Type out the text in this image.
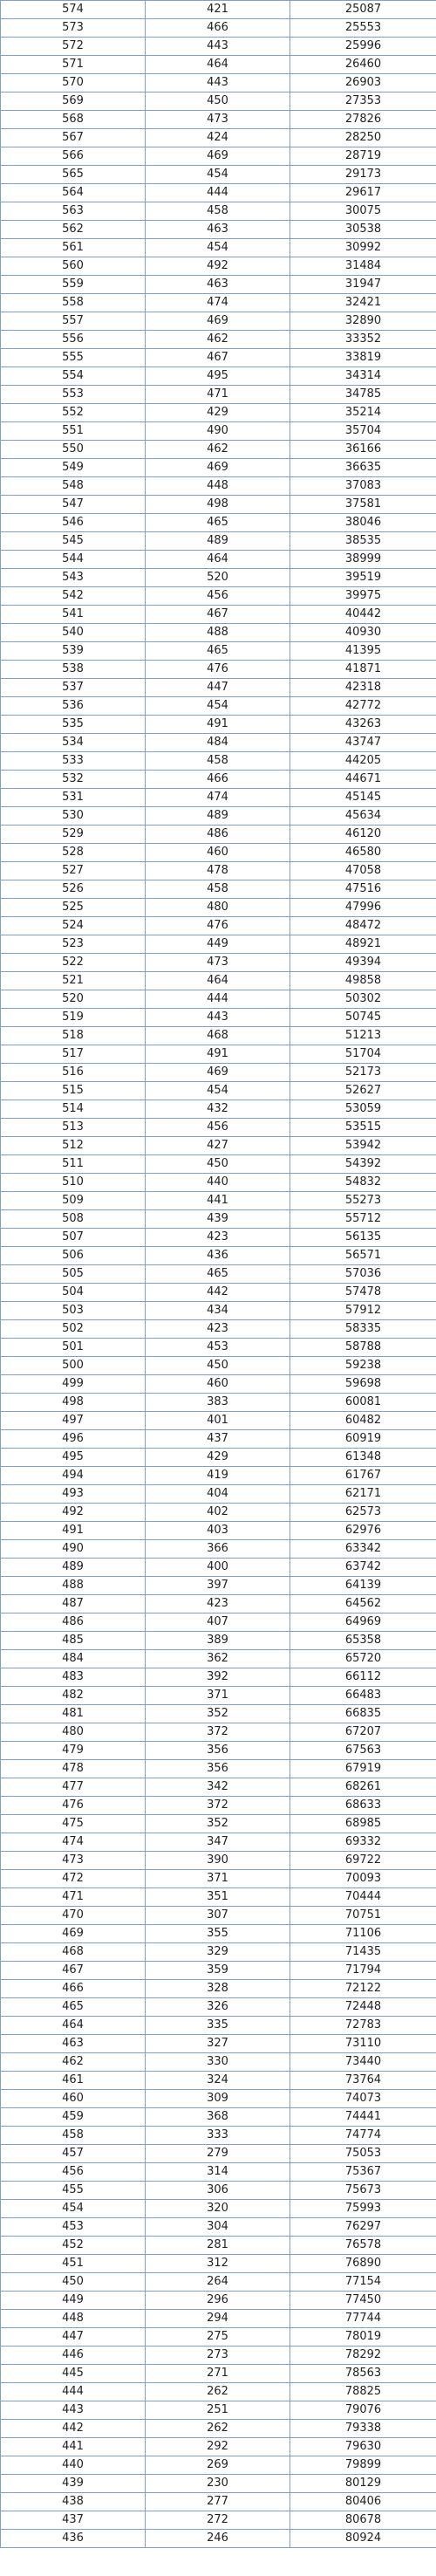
574	421	25087
573	466	25553
572	443	25996
571	464	26460
570	443	26903
569	450	27353
568	473	27826
567	424	28250
566	469	28719
565	454	29173
564	444	29617
563	458	30075
562	463	30538
561	454	30992
560	492	31484
559	463	31947
558	474	32421
557	469	32890
556	462	33352
555	467	33819
554	495	34314
553	471	34785
552	429	35214
551	490	35704
550	462	36166
549	469	36635
548	448	37083
547	498	37581
546	465	38046
545	489	38535
544	464	38999
543	520	39519
542	456	39975
541	467	40442
540	488	40930
539	465	41395
538	476	41871
537	447	42318
536	454	42772
535	491	43263
534	484	43747
533	458	44205
532	466	44671
531	474	45145
530	489	45634
529	486	46120
528	460	46580
527	478	47058
526	458	47516
525	480	47996
524	476	48472
523	449	48921
522	473	49394
521	464	49858
520	444	50302
519	443	50745
518	468	51213
517	491	51704
516	469	52173
515	454	52627
514	432	53059
513	456	53515
512	427	53942
511	450	54392
510	440	54832
509	441	55273
508	439	55712
507	423	56135
506	436	56571
505	465	57036
504	442	57478
503	434	57912
502	423	58335
501	453	58788
500	450	59238
499	460	59698
498	383	60081
497	401	60482
496	437	60919
495	429	61348
494	419	61767
493	404	62171
492	402	62573
491	403	62976
490	366	63342
489	400	63742
488	397	64139
487	423	64562
486	407	64969
485	389	65358
484	362	65720
483	392	66112
482	371	66483
481	352	66835
480	372	67207
479	356	67563
478	356	67919
477	342	68261
476	372	68633
475	352	68985
474	347	69332
473	390	69722
472	371	70093
471	351	70444
470	307	70751
469	355	71106
468	329	71435
467	359	71794
466	328	72122
465	326	72448
464	335	72783
463	327	73110
462	330	73440
461	324	73764
460	309	74073
459	368	74441
458	333	74774
457	279	75053
456	314	75367
455	306	75673
454	320	75993
453	304	76297
452	281	76578
451	312	76890
450	264	77154
449	296	77450
448	294	77744
447	275	78019
446	273	78292
445	271	78563
444	262	78825
443	251	79076
442	262	79338
441	292	79630
440	269	79899
439	230	80129
438	277	80406
437	272	80678
436	246	80924
